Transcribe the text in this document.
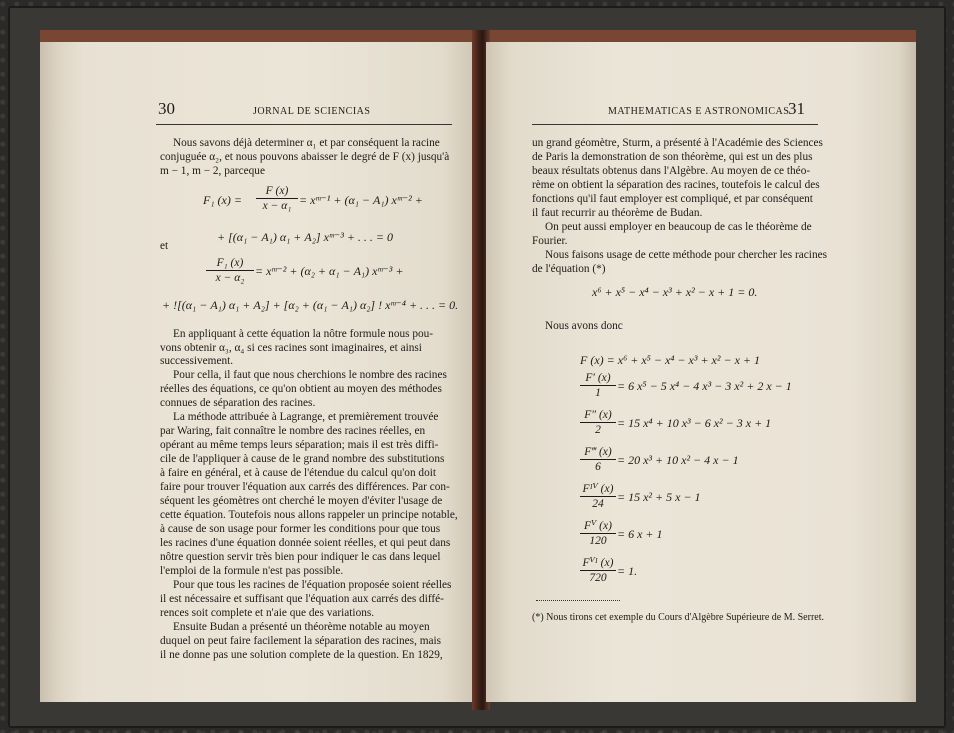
30	JORNAL DE SCIENCIAS
Nous savons déjà determiner α₁ et par conséquent la racine
conjuguée α₂, et nous pouvons abaisser le degré de F (x) jusqu'à
m − 1, m − 2, parceque
F₁ $(x) = \frac{F (x)}{\text{x − α₁}}$ = xᵐ⁻¹ + (α₁ − A₁) xᵐ⁻² +
+ [(α₁ − A₁) α₁ + A₂] xᵐ⁻³ + . . . = 0
et
$\frac{\text{F₁ (x)}}{\text{x − α₂}}$ = xᵐ⁻² + (α₂ + α₁ − A₁) xᵐ⁻³ +
+ ![(α₁ − A₁) α₁ + A₂] + [α₂ + (α₁ − A₁) α₂] ! xᵐ⁻⁴ + . . . = 0.
En appliquant à cette équation la nôtre formule nous pou-
vons obtenir α₃, α₄ si ces racines sont imaginaires, et ainsi
successivement.
Pour cella, il faut que nous cherchions le nombre des racines
réelles des équations, ce qu'on obtient au moyen des méthodes
connues de séparation des racines.
La méthode attribuée à Lagrange, et premièrement trouvée
par Waring, fait connaître le nombre des racines réelles, en
opérant au même temps leurs séparation; mais il est très diffi-
cile de l'appliquer à cause de le grand nombre des substitutions
à faire en général, et à cause de l'étendue du calcul qu'on doit
faire pour trouver l'équation aux carrés des différences. Par con-
séquent les géomètres ont cherché le moyen d'éviter l'usage de
cette équation. Toutefois nous allons rappeler un principe notable,
à cause de son usage pour former les conditions pour que tous
les racines d'une équation donnée soient réelles, et qui peut dans
nôtre question servir très bien pour indiquer le cas dans lequel
l'emploi de la formule n'est pas possible.
Pour que tous les racines de l'équation proposée soient réelles
il est nécessaire et suffisant que l'équation aux carrés des diffé-
rences soit complete et n'aie que des variations.
Ensuite Budan a présenté un théorème notable au moyen
duquel on peut faire facilement la séparation des racines, mais
il ne donne pas une solution complete de la question. En 1829,
MATHEMATICAS E ASTRONOMICAS
31
un grand géomètre, Sturm, a présenté à l'Académie des Sciences
de Paris la demonstration de son théorème, qui est un des plus
beaux résultats obtenus dans l'Algèbre. Au moyen de ce théo-
rème on obtient la séparation des racines, toutefois le calcul des
fonctions qu'il faut employer est compliqué, et par conséquent
il faut recurrir au théorème de Budan.
On peut aussi employer en beaucoup de cas le théorème de
Fourier.
Nous faisons usage de cette méthode pour chercher les racines
de l'équation (*)
x⁶ + x⁵ − x⁴ − x³ + x² − x + 1 = 0.
Nous avons donc
F (x) = x⁶ + x⁵ − x⁴ − x³ + x² − x + 1
$\frac{F' (x)}{1} = 6$ x⁵ − 5 x⁴ − 4 x³ − 3 x² + 2 x − 1
$\frac{F'' (x)}{2} = 15$ x⁴ + 10 x³ − 6 x² − 3 x + 1
$\frac{F‴ (x)}{6} = 20$ x³ + 10 x² − 4 x − 1
Fᴵⱽ (x)
24	= 15 x² + 5 x − 1
$\frac{\text{Fⱽ (x)}}{120} = 6$ x + 1
Fⱽᴵ (x)
720 = 1.
(*) Nous tirons cet exemple du Cours d'Algèbre Supérieure de M. Serret.
